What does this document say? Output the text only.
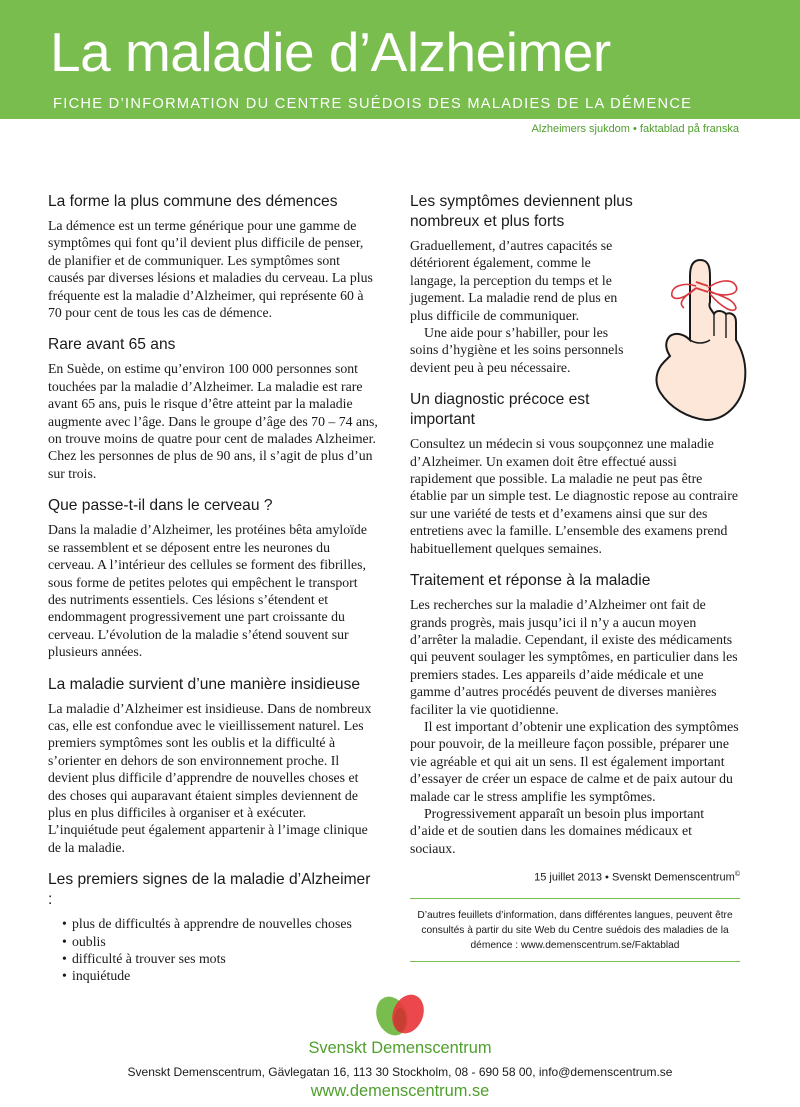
La maladie d’Alzheimer
FICHE D’INFORMATION DU CENTRE SUÉDOIS DES MALADIES DE LA DÉMENCE
Alzheimers sjukdom • faktablad på franska
La forme la plus commune des démences

La démence est un terme générique pour une gamme de symptômes qui font qu’il devient plus difficile de penser, de planifier et de communiquer. Les symptômes sont causés par diverses lésions et maladies du cerveau. La plus fréquente est la maladie d’Alzheimer, qui représente 60 à 70 pour cent de tous les cas de démence.

Rare avant 65 ans

En Suède, on estime qu’environ 100 000 personnes sont touchées par la maladie d’Alzheimer. La maladie est rare avant 65 ans, puis le risque d’être atteint par la maladie augmente avec l’âge. Dans le groupe d’âge des 70 – 74 ans, on trouve moins de quatre pour cent de malades Alzheimer. Chez les personnes de plus de 90 ans, il s’agit de plus d’un sur trois.

Que passe-t-il dans le cerveau ?

Dans la maladie d’Alzheimer, les protéines bêta amyloïde se rassemblent et se déposent entre les neurones du cerveau. A l’intérieur des cellules se forment des fibrilles, sous forme de petites pelotes qui empêchent le transport des nutriments essentiels. Ces lésions s’étendent et endommagent progressivement une part croissante du cerveau. L’évolution de la maladie s’étend souvent sur plusieurs années.

La maladie survient d’une manière insidieuse

La maladie d’Alzheimer est insidieuse. Dans de nombreux cas, elle est confondue avec le vieillissement naturel. Les premiers symptômes sont les oublis et la difficulté à s’orienter en dehors de son environnement proche. Il devient plus difficile d’apprendre de nouvelles choses et des choses qui auparavant étaient simples deviennent de plus en plus difficiles à organiser et à exécuter. L’inquiétude peut également appartenir à l’image clinique de la maladie.

Les premiers signes de la maladie d’Alzheimer :
• plus de difficultés à apprendre de nouvelles choses
• oublis
• difficulté à trouver ses mots
• inquiétude
Les symptômes deviennent plus nombreux et plus forts

Graduellement, d’autres capacités se détériorent également, comme le langage, la perception du temps et le jugement. La maladie rend de plus en plus difficile de communiquer.

Une aide pour s’habiller, pour les soins d’hygiène et les soins personnels devient peu à peu nécessaire.

Un diagnostic précoce est important

Consultez un médecin si vous soupçonnez une maladie d’Alzheimer. Un examen doit être effectué aussi rapidement que possible. La maladie ne peut pas être établie par un simple test. Le diagnostic repose au contraire sur une variété de tests et d’examens ainsi que sur des entretiens avec la famille. L’ensemble des examens prend habituellement quelques semaines.

Traitement et réponse à la maladie

Les recherches sur la maladie d’Alzheimer ont fait de grands progrès, mais jusqu’ici il n’y a aucun moyen d’arrêter la maladie. Cependant, il existe des médicaments qui peuvent soulager les symptômes, en particulier dans les premiers stades. Les appareils d’aide médicale et une gamme d’autres procédés peuvent de diverses manières faciliter la vie quotidienne.

Il est important d’obtenir une explication des symptômes pour pouvoir, de la meilleure façon possible, préparer une vie agréable et qui ait un sens. Il est également important d’essayer de créer un espace de calme et de paix autour du malade car le stress amplifie les symptômes.

Progressivement apparaît un besoin plus important d’aide et de soutien dans les domaines médicaux et sociaux.

15 juillet 2013 • Svenskt Demenscentrum©
D’autres feuillets d’information, dans différentes langues, peuvent être consultés à partir du site Web du Centre suédois des maladies de la démence : www.demenscentrum.se/Faktablad
Svenskt Demenscentrum
Svenskt Demenscentrum, Gävlegatan 16, 113 30 Stockholm, 08 - 690 58 00, info@demenscentrum.se
www.demenscentrum.se
